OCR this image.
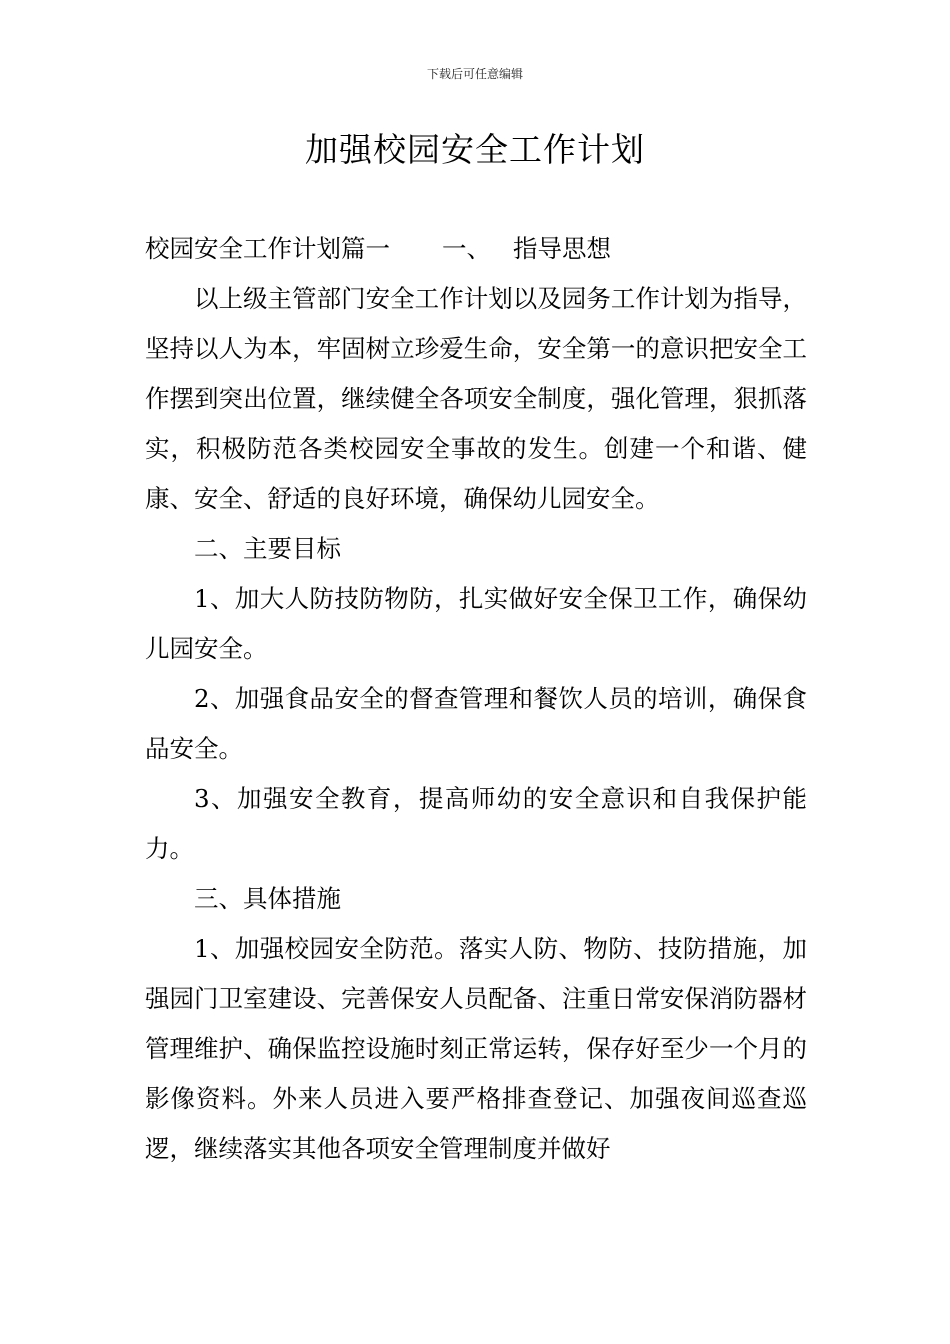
下载后可任意编辑
加强校园安全工作计划

校园安全工作计划篇一 一、 指导思想

以上级主管部门安全工作计划以及园务工作计划为指导，坚持以人为本，牢固树立珍爱生命，安全第一的意识把安全工作摆到突出位置，继续健全各项安全制度，强化管理，狠抓落实，积极防范各类校园安全事故的发生。创建一个和谐、健康、安全、舒适的良好环境，确保幼儿园安全。

二、主要目标

1、加大人防技防物防，扎实做好安全保卫工作，确保幼儿园安全。

2、加强食品安全的督查管理和餐饮人员的培训，确保食品安全。

3、加强安全教育，提高师幼的安全意识和自我保护能力。

三、具体措施

1、加强校园安全防范。落实人防、物防、技防措施，加强园门卫室建设、完善保安人员配备、注重日常安保消防器材管理维护、确保监控设施时刻正常运转，保存好至少一个月的影像资料。外来人员进入要严格排查登记、加强夜间巡查巡逻，继续落实其他各项安全管理制度并做好
